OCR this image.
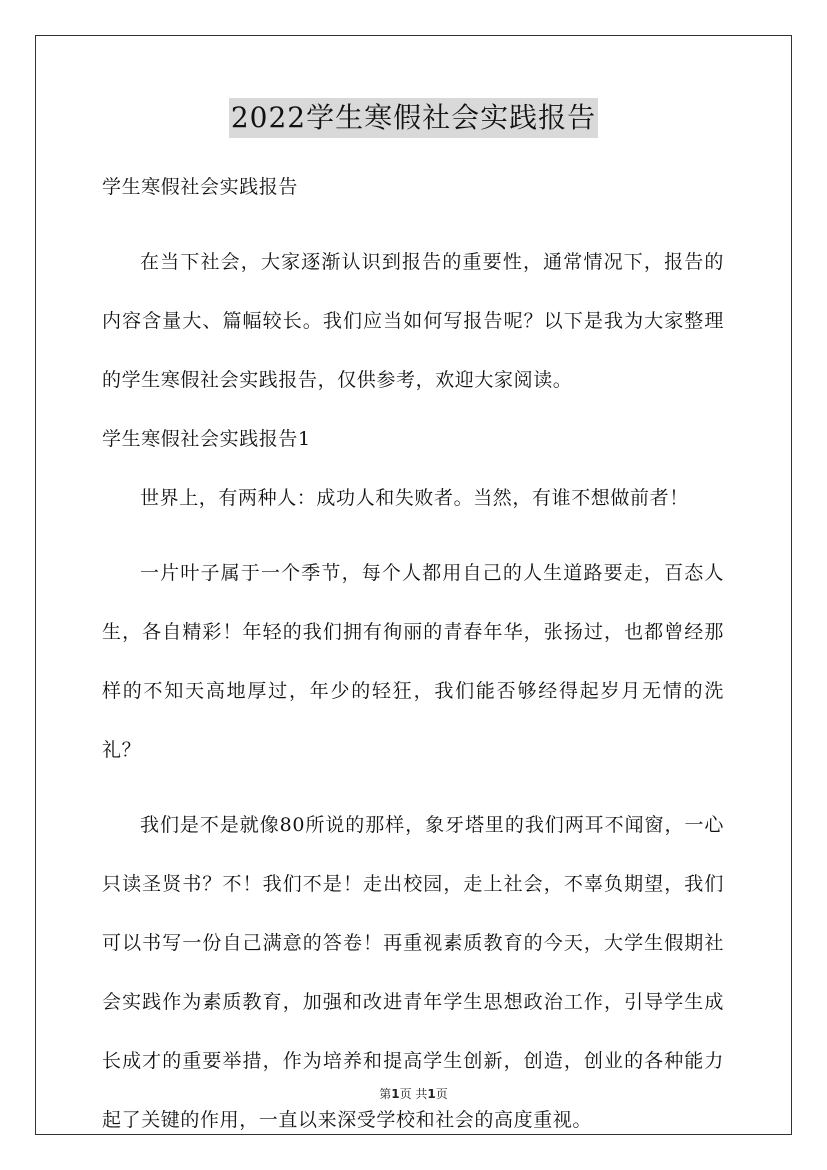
2022学生寒假社会实践报告

学生寒假社会实践报告

在当下社会，大家逐渐认识到报告的重要性，通常情况下，报告的内容含量大、篇幅较长。我们应当如何写报告呢？以下是我为大家整理的学生寒假社会实践报告，仅供参考，欢迎大家阅读。

学生寒假社会实践报告1

世界上，有两种人：成功人和失败者。当然，有谁不想做前者！

一片叶子属于一个季节，每个人都用自己的人生道路要走，百态人生，各自精彩！年轻的我们拥有徇丽的青春年华，张扬过，也都曾经那样的不知天高地厚过，年少的轻狂，我们能否够经得起岁月无情的洗礼？

我们是不是就像80所说的那样，象牙塔里的我们两耳不闻窗，一心只读圣贤书？不！我们不是！走出校园，走上社会，不辜负期望，我们可以书写一份自己满意的答卷！再重视素质教育的今天，大学生假期社会实践作为素质教育，加强和改进青年学生思想政治工作，引导学生成长成才的重要举措，作为培养和提高学生创新，创造，创业的各种能力起了关键的作用，一直以来深受学校和社会的高度重视。

第1页 共1页
